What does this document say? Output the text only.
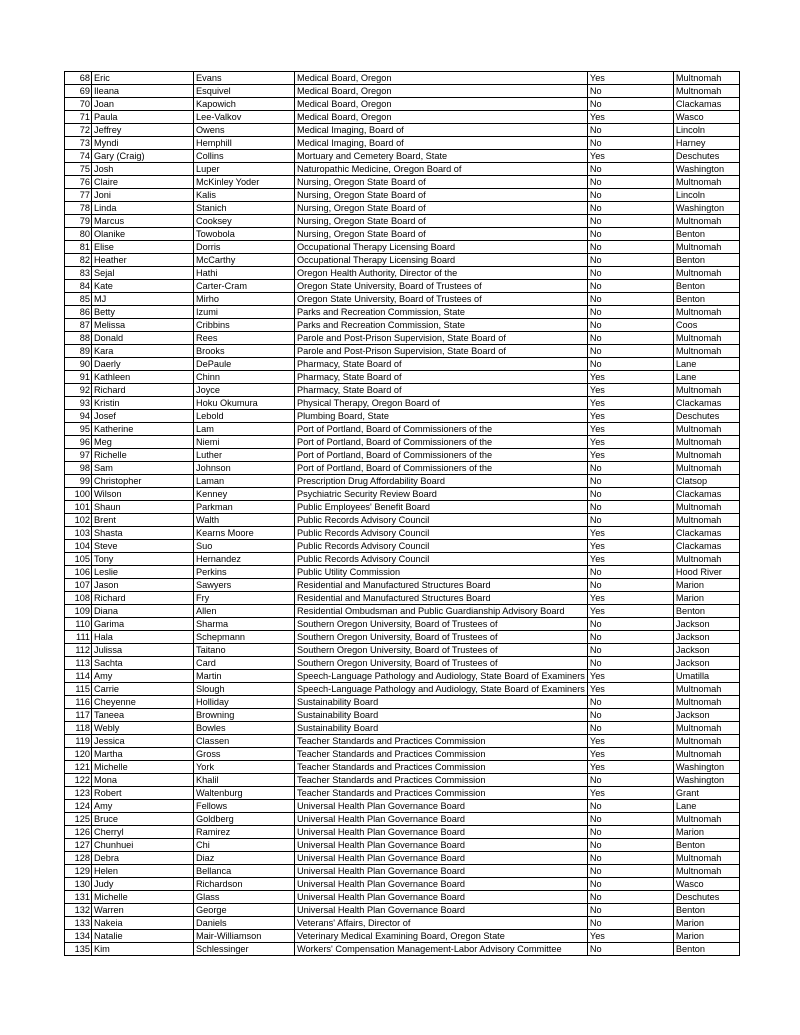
68	Eric	Evans	Medical Board, Oregon	Yes	Multnomah
69	Ileana	Esquivel	Medical Board, Oregon	No	Multnomah
70	Joan	Kapowich	Medical Board, Oregon	No	Clackamas
71	Paula	Lee-Valkov	Medical Board, Oregon	Yes	Wasco
72	Jeffrey	Owens	Medical Imaging, Board of	No	Lincoln
73	Myndi	Hemphill	Medical Imaging, Board of	No	Harney
74	Gary (Craig)	Collins	Mortuary and Cemetery Board, State	Yes	Deschutes
75	Josh	Luper	Naturopathic Medicine, Oregon Board of	No	Washington
76	Claire	McKinley Yoder	Nursing, Oregon State Board of	No	Multnomah
77	Joni	Kalis	Nursing, Oregon State Board of	No	Lincoln
78	Linda	Stanich	Nursing, Oregon State Board of	No	Washington
79	Marcus	Cooksey	Nursing, Oregon State Board of	No	Multnomah
80	Olanike	Towobola	Nursing, Oregon State Board of	No	Benton
81	Elise	Dorris	Occupational Therapy Licensing Board	No	Multnomah
82	Heather	McCarthy	Occupational Therapy Licensing Board	No	Benton
83	Sejal	Hathi	Oregon Health Authority, Director of the	No	Multnomah
84	Kate	Carter-Cram	Oregon State University, Board of Trustees of	No	Benton
85	MJ	Mirho	Oregon State University, Board of Trustees of	No	Benton
86	Betty	Izumi	Parks and Recreation Commission, State	No	Multnomah
87	Melissa	Cribbins	Parks and Recreation Commission, State	No	Coos
88	Donald	Rees	Parole and Post-Prison Supervision, State Board of	No	Multnomah
89	Kara	Brooks	Parole and Post-Prison Supervision, State Board of	No	Multnomah
90	Daerly	DePaule	Pharmacy, State Board of	No	Lane
91	Kathleen	Chinn	Pharmacy, State Board of	Yes	Lane
92	Richard	Joyce	Pharmacy, State Board of	Yes	Multnomah
93	Kristin	Hoku Okumura	Physical Therapy, Oregon Board of	Yes	Clackamas
94	Josef	Lebold	Plumbing Board, State	Yes	Deschutes
95	Katherine	Lam	Port of Portland, Board of Commissioners of the	Yes	Multnomah
96	Meg	Niemi	Port of Portland, Board of Commissioners of the	Yes	Multnomah
97	Richelle	Luther	Port of Portland, Board of Commissioners of the	Yes	Multnomah
98	Sam	Johnson	Port of Portland, Board of Commissioners of the	No	Multnomah
99	Christopher	Laman	Prescription Drug Affordability Board	No	Clatsop
100	Wilson	Kenney	Psychiatric Security Review Board	No	Clackamas
101	Shaun	Parkman	Public Employees' Benefit Board	No	Multnomah
102	Brent	Walth	Public Records Advisory Council	No	Multnomah
103	Shasta	Kearns Moore	Public Records Advisory Council	Yes	Clackamas
104	Steve	Suo	Public Records Advisory Council	Yes	Clackamas
105	Tony	Hernandez	Public Records Advisory Council	Yes	Multnomah
106	Leslie	Perkins	Public Utility Commission	No	Hood River
107	Jason	Sawyers	Residential and Manufactured Structures Board	No	Marion
108	Richard	Fry	Residential and Manufactured Structures Board	Yes	Marion
109	Diana	Allen	Residential Ombudsman and Public Guardianship Advisory Board	Yes	Benton
110	Garima	Sharma	Southern Oregon University, Board of Trustees of	No	Jackson
111	Hala	Schepmann	Southern Oregon University, Board of Trustees of	No	Jackson
112	Julissa	Taitano	Southern Oregon University, Board of Trustees of	No	Jackson
113	Sachta	Card	Southern Oregon University, Board of Trustees of	No	Jackson
114	Amy	Martin	Speech-Language Pathology and Audiology, State Board of Examiners	Yes	Umatilla
115	Carrie	Slough	Speech-Language Pathology and Audiology, State Board of Examiners	Yes	Multnomah
116	Cheyenne	Holliday	Sustainability Board	No	Multnomah
117	Taneea	Browning	Sustainability Board	No	Jackson
118	Webly	Bowles	Sustainability Board	No	Multnomah
119	Jessica	Classen	Teacher Standards and Practices Commission	Yes	Multnomah
120	Martha	Gross	Teacher Standards and Practices Commission	Yes	Multnomah
121	Michelle	York	Teacher Standards and Practices Commission	Yes	Washington
122	Mona	Khalil	Teacher Standards and Practices Commission	No	Washington
123	Robert	Waltenburg	Teacher Standards and Practices Commission	Yes	Grant
124	Amy	Fellows	Universal Health Plan Governance Board	No	Lane
125	Bruce	Goldberg	Universal Health Plan Governance Board	No	Multnomah
126	Cherryl	Ramirez	Universal Health Plan Governance Board	No	Marion
127	Chunhuei	Chi	Universal Health Plan Governance Board	No	Benton
128	Debra	Diaz	Universal Health Plan Governance Board	No	Multnomah
129	Helen	Bellanca	Universal Health Plan Governance Board	No	Multnomah
130	Judy	Richardson	Universal Health Plan Governance Board	No	Wasco
131	Michelle	Glass	Universal Health Plan Governance Board	No	Deschutes
132	Warren	George	Universal Health Plan Governance Board	No	Benton
133	Nakeia	Daniels	Veterans' Affairs, Director of	No	Marion
134	Natalie	Mair-Williamson	Veterinary Medical Examining Board, Oregon State	Yes	Marion
135	Kim	Schlessinger	Workers' Compensation Management-Labor Advisory Committee	No	Benton
